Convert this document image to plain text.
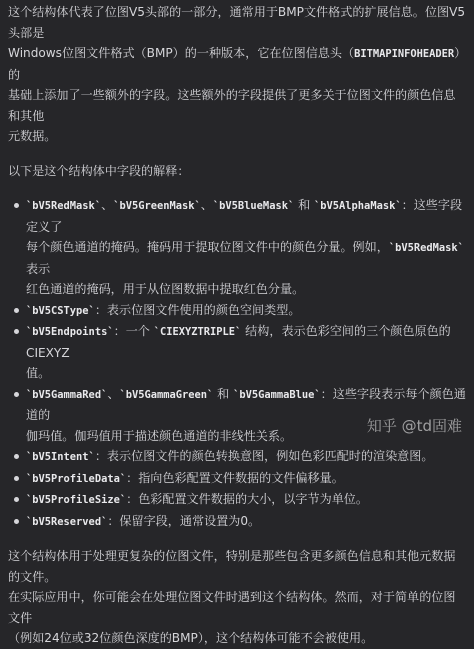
这个结构体代表了位图V5头部的一部分，通常用于BMP文件格式的扩展信息。位图V5头部是
Windows位图文件格式（BMP）的一种版本，它在位图信息头（BITMAPINFOHEADER）的
基础上添加了一些额外的字段。这些额外的字段提供了更多关于位图文件的颜色信息和其他
元数据。

以下是这个结构体中字段的解释：

`bV5RedMask`、`bV5GreenMask`、`bV5BlueMask` 和 `bV5AlphaMask`：这些字段定义了
每个颜色通道的掩码。掩码用于提取位图文件中的颜色分量。例如，`bV5RedMask` 表示
红色通道的掩码，用于从位图数据中提取红色分量。
`bV5CSType`：表示位图文件使用的颜色空间类型。
`bV5Endpoints`：一个 `CIEXYZTRIPLE` 结构，表示色彩空间的三个颜色原色的CIEXYZ
值。
`bV5GammaRed`、`bV5GammaGreen` 和 `bV5GammaBlue`：这些字段表示每个颜色通道的
伽玛值。伽玛值用于描述颜色通道的非线性关系。
`bV5Intent`：表示位图文件的颜色转换意图，例如色彩匹配时的渲染意图。
`bV5ProfileData`：指向色彩配置文件数据的文件偏移量。
`bV5ProfileSize`：色彩配置文件数据的大小，以字节为单位。
`bV5Reserved`：保留字段，通常设置为0。

这个结构体用于处理更复杂的位图文件，特别是那些包含更多颜色信息和其他元数据的文件。
在实际应用中，你可能会在处理位图文件时遇到这个结构体。然而，对于简单的位图文件
（例如24位或32位颜色深度的BMP），这个结构体可能不会被使用。

知乎 @td固难
